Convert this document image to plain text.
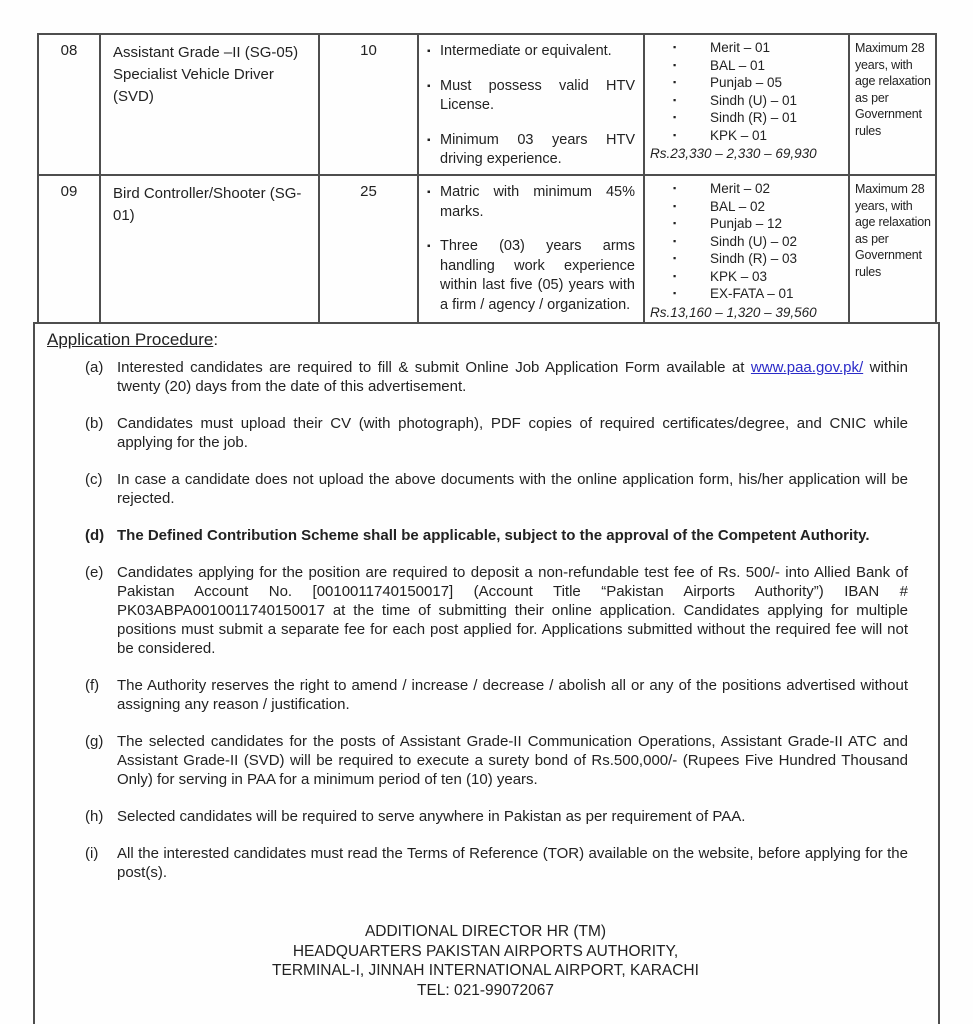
08	Assistant Grade –II (SG-05) Specialist Vehicle Driver (SVD)	10	▪ Intermediate or equivalent.
▪ Must possess valid HTV License.
▪ Minimum 03 years HTV driving experience.

▪	Merit – 01
▪	BAL – 01
▪	Punjab – 05
▪	Sindh (U) – 01
▪	Sindh (R) – 01
▪	KPK – 01
Rs.23,330 – 2,330 – 69,930
	Maximum 28 years, with age relaxation as per Government rules
09	Bird Controller/Shooter (SG-01)	25	▪ Matric with minimum 45% marks.
▪ Three (03) years arms handling work experience within last five (05) years with a firm / agency / organization.

▪	Merit – 02
▪	BAL – 02
▪	Punjab – 12
▪	Sindh (U) – 02
▪	Sindh (R) – 03
▪	KPK – 03
▪	EX-FATA – 01
Rs.13,160 – 1,320 – 39,560
	Maximum 28 years, with age relaxation as per Government rules
Application Procedure:
(a) Interested candidates are required to fill & submit Online Job Application Form available at www.paa.gov.pk/ within twenty (20) days from the date of this advertisement.
(b) Candidates must upload their CV (with photograph), PDF copies of required certificates/degree, and CNIC while applying for the job.
(c) In case a candidate does not upload the above documents with the online application form, his/her application will be rejected.
(d) The Defined Contribution Scheme shall be applicable, subject to the approval of the Competent Authority.
(e) Candidates applying for the position are required to deposit a non-refundable test fee of Rs. 500/- into Allied Bank of Pakistan Account No. [0010011740150017] (Account Title “Pakistan Airports Authority”) IBAN # PK03ABPA0010011740150017 at the time of submitting their online application. Candidates applying for multiple positions must submit a separate fee for each post applied for. Applications submitted without the required fee will not be considered.
(f)	The Authority reserves the right to amend / increase / decrease / abolish all or any of the positions advertised without assigning any reason / justification.
(g) The selected candidates for the posts of Assistant Grade-II Communication Operations, Assistant Grade-II ATC and Assistant Grade-II (SVD) will be required to execute a surety bond of Rs.500,000/- (Rupees Five Hundred Thousand Only) for serving in PAA for a minimum period of ten (10) years.
(h) Selected candidates will be required to serve anywhere in Pakistan as per requirement of PAA.
(i)	All the interested candidates must read the Terms of Reference (TOR) available on the website, before applying for the post(s).
ADDITIONAL DIRECTOR HR (TM)
HEADQUARTERS PAKISTAN AIRPORTS AUTHORITY,
TERMINAL-I, JINNAH INTERNATIONAL AIRPORT, KARACHI
TEL: 021-99072067
